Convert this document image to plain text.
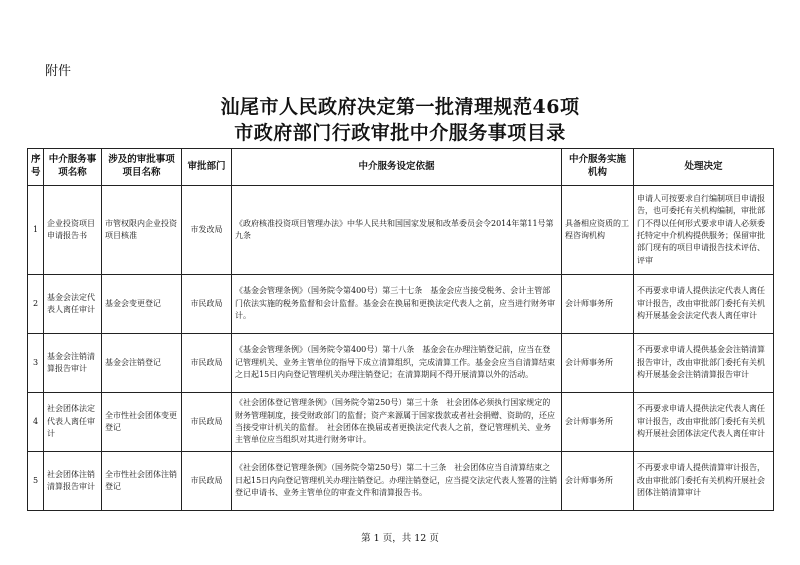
附件
汕尾市人民政府决定第一批清理规范46项
市政府部门行政审批中介服务事项目录
序号	中介服务事项名称	涉及的审批事项项目名称	审批部门	中介服务设定依据	中介服务实施机构	处理决定
1	企业投资项目申请报告书	市管权限内企业投资项目核准	市发改局	《政府核准投资项目管理办法》中华人民共和国国家发展和改革委员会令2014年第11号第九条	具备相应资质的工程咨询机构	申请人可按要求自行编制项目申请报告，也可委托有关机构编制，审批部门不得以任何形式要求申请人必须委托特定中介机构提供服务；保留审批部门现有的项目申请报告技术评估、评审
2	基金会法定代表人离任审计	基金会变更登记	市民政局	《基金会管理条例》（国务院令第400号）第三十七条　基金会应当接受税务、会计主管部门依法实施的税务监督和会计监督。基金会在换届和更换法定代表人之前，应当进行财务审计。	会计师事务所	不再要求申请人提供法定代表人离任审计报告，改由审批部门委托有关机构开展基金会法定代表人离任审计
3	基金会注销清算报告审计	基金会注销登记	市民政局	《基金会管理条例》（国务院令第400号）第十八条　基金会在办理注销登记前，应当在登记管理机关、业务主管单位的指导下成立清算组织，完成清算工作。基金会应当自清算结束之日起15日内向登记管理机关办理注销登记；在清算期间不得开展清算以外的活动。	会计师事务所	不再要求申请人提供基金会注销清算报告审计，改由审批部门委托有关机构开展基金会注销清算报告审计
4	社会团体法定代表人离任审计	全市性社会团体变更登记	市民政局	《社会团体登记管理条例》（国务院令第250号）第三十条　社会团体必须执行国家规定的财务管理制度，接受财政部门的监督；资产来源属于国家拨款或者社会捐赠、资助的，还应当接受审计机关的监督。　社会团体在换届或者更换法定代表人之前，登记管理机关、业务主管单位应当组织对其进行财务审计。	会计师事务所	不再要求申请人提供法定代表人离任审计报告，改由审批部门委托有关机构开展社会团体法定代表人离任审计
5	社会团体注销清算报告审计	全市性社会团体注销登记	市民政局	《社会团体登记管理条例》（国务院令第250号）第二十三条　社会团体应当自清算结束之日起15日内向登记管理机关办理注销登记。办理注销登记，应当提交法定代表人签署的注销登记申请书、业务主管单位的审查文件和清算报告书。	会计师事务所	不再要求申请人提供清算审计报告，改由审批部门委托有关机构开展社会团体注销清算审计
第 1 页，共 12 页
